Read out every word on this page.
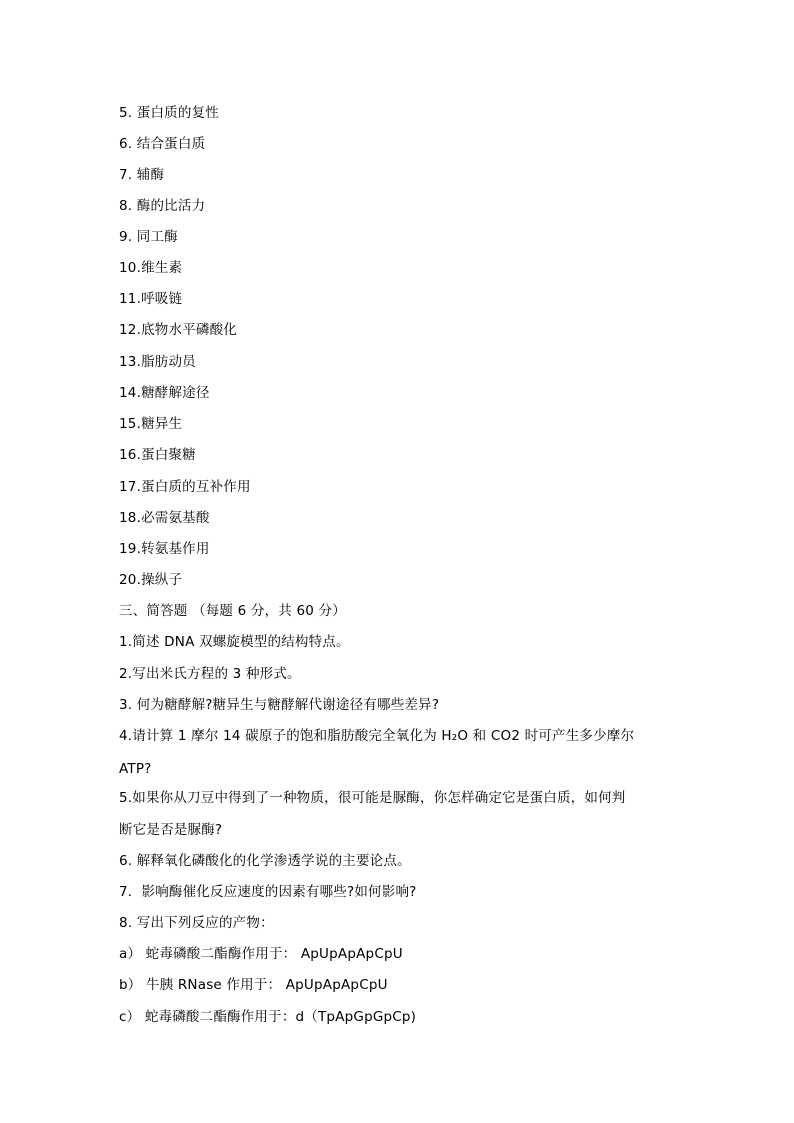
5. 蛋白质的复性
6. 结合蛋白质
7. 辅酶
8. 酶的比活力
9. 同工酶
10.维生素
11.呼吸链
12.底物水平磷酸化
13.脂肪动员
14.糖酵解途径
15.糖异生
16.蛋白聚糖
17.蛋白质的互补作用
18.必需氨基酸
19.转氨基作用
20.操纵子
三、简答题 （每题 6 分，共 60 分）
1.简述 DNA 双螺旋模型的结构特点。
2.写出米氏方程的 3 种形式。
3. 何为糖酵解?糖异生与糖酵解代谢途径有哪些差异?
4.请计算 1 摩尔 14 碳原子的饱和脂肪酸完全氧化为 H₂O 和 CO2 时可产生多少摩尔
ATP?
5.如果你从刀豆中得到了一种物质，很可能是脲酶，你怎样确定它是蛋白质，如何判
断它是否是脲酶?
6. 解释氧化磷酸化的化学渗透学说的主要论点。
7．影响酶催化反应速度的因素有哪些?如何影响?
8. 写出下列反应的产物：
a） 蛇毒磷酸二酯酶作用于： ApUpApApCpU
b） 牛胰 RNase 作用于： ApUpApApCpU
c） 蛇毒磷酸二酯酶作用于：d（TpApGpGpCp)
